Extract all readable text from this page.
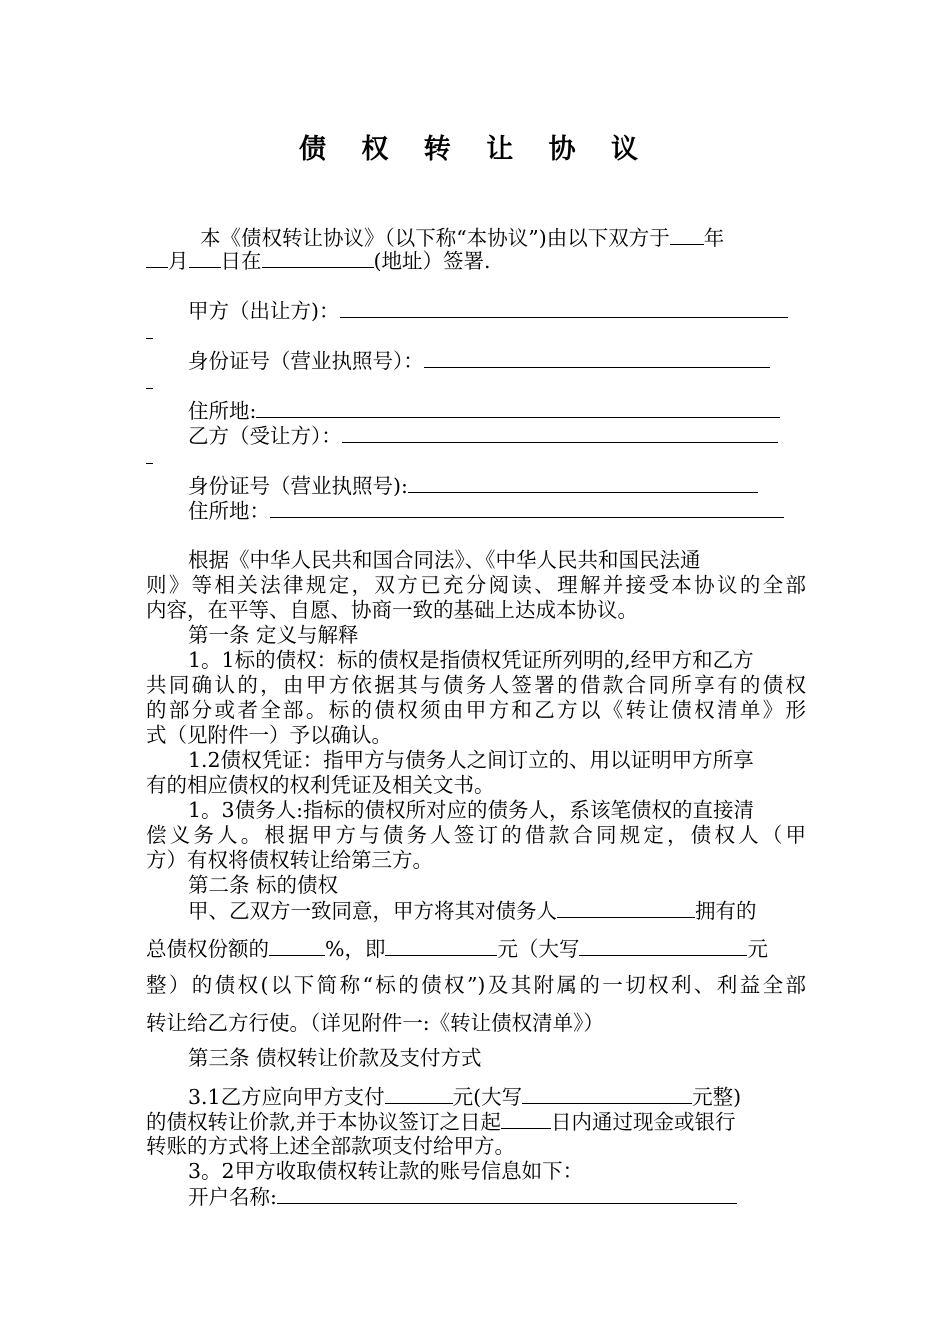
债 权 转 让 协 议
本《债权转让协议》（以下称“本协议”)由以下双方于 年
月 日在	(地址）签署.
甲方（出让方)：
身份证号（营业执照号）：
住所地:
乙方（受让方）：
身份证号（营业执照号):
住所地：
根据《中华人民共和国合同法》、《中华人民共和国民法通
则》等相关法律规定，双方已充分阅读、理解并接受本协议的全部
内容，在平等、自愿、协商一致的基础上达成本协议。
第一条 定义与解释
1。1标的债权：标的债权是指债权凭证所列明的,经甲方和乙方
共同确认的，由甲方依据其与债务人签署的借款合同所享有的债权
的部分或者全部。标的债权须由甲方和乙方以《转让债权清单》形
式（见附件一）予以确认。
1.2债权凭证：指甲方与债务人之间订立的、用以证明甲方所享
有的相应债权的权利凭证及相关文书。
1。3债务人:指标的债权所对应的债务人，系该笔债权的直接清
偿义务人。根据甲方与债务人签订的借款合同规定，债权人（甲
方）有权将债权转让给第三方。
第二条 标的债权
甲、乙双方一致同意，甲方将其对债务人	拥有的
总债权份额的	%，即	元（大写	元
整）的债权(以下简称“标的债权”)及其附属的一切权利、利益全部
转让给乙方行使。（详见附件一:《转让债权清单》）
第三条 债权转让价款及支付方式
3.1乙方应向甲方支付	元(大写	元整)
的债权转让价款,并于本协议签订之日起 日内通过现金或银行
转账的方式将上述全部款项支付给甲方。
3。2甲方收取债权转让款的账号信息如下：
开户名称:
